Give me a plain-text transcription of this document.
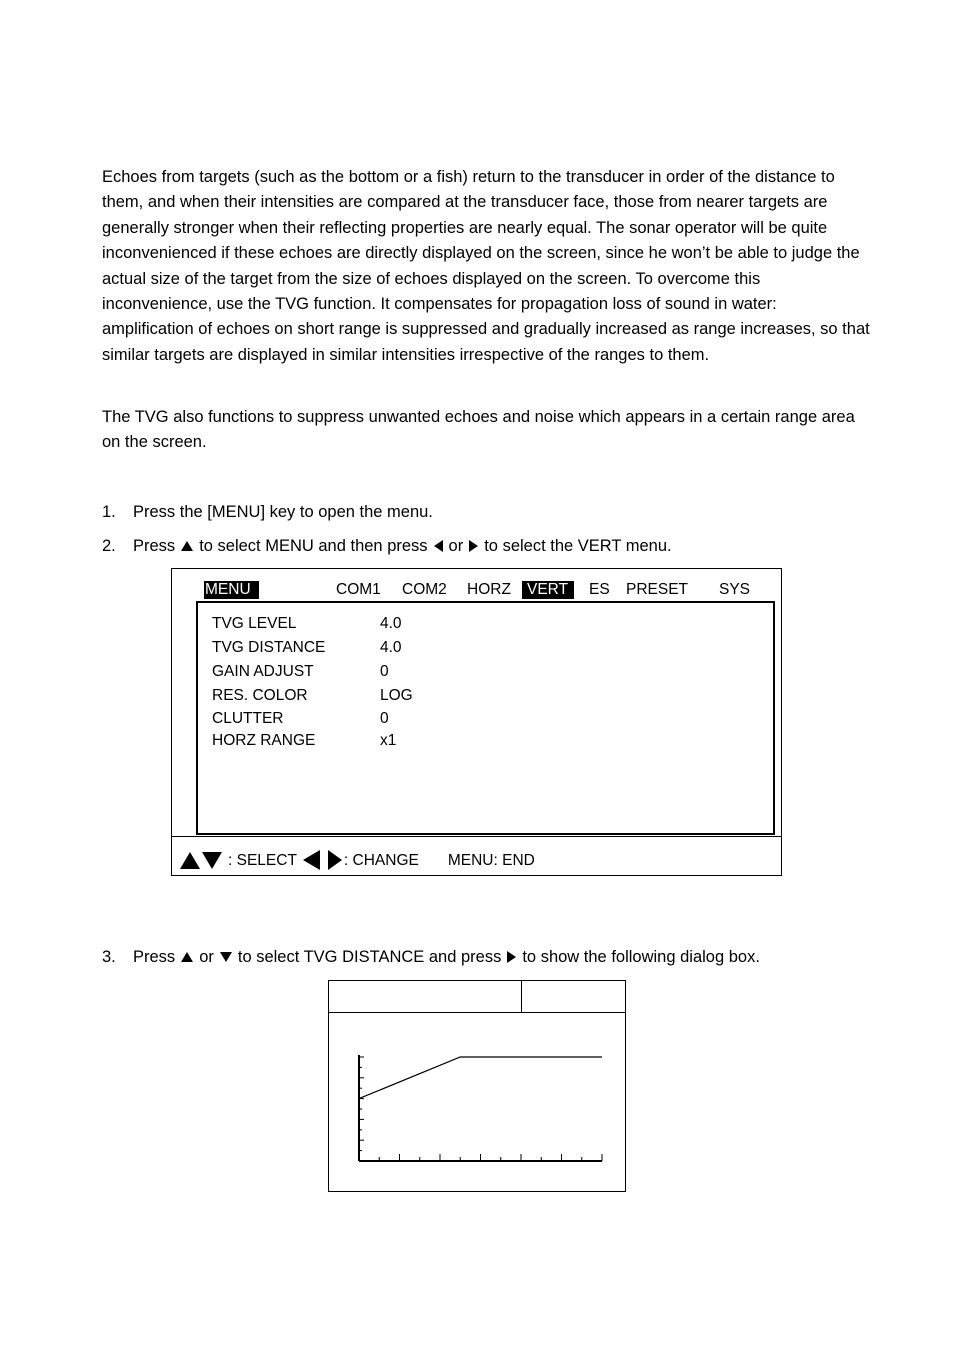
Echoes from targets (such as the bottom or a fish) return to the transducer in order of the distance to them, and when their intensities are compared at the transducer face, those from nearer targets are generally stronger when their reflecting properties are nearly equal. The sonar operator will be quite inconvenienced if these echoes are directly displayed on the screen, since he won’t be able to judge the actual size of the target from the size of echoes displayed on the screen. To overcome this inconvenience, use the TVG function. It compensates for propagation loss of sound in water: amplification of echoes on short range is suppressed and gradually increased as range increases, so that similar targets are displayed in similar intensities irrespective of the ranges to them.

The TVG also functions to suppress unwanted echoes and noise which appears in a certain range area on the screen.

1. Press the [MENU] key to open the menu.
2. Press to select MENU and then press or to select the VERT menu.
MENU	COM1 COM2 HORZ	VERT	ES PRESET SYS
TVG LEVEL	4.0
TVG DISTANCE	4.0
GAIN ADJUST	0
RES. COLOR	LOG
CLUTTER	0
HORZ RANGE	x1
: SELECT	: CHANGE MENU: END
3. Press or to select TVG DISTANCE and press to show the following dialog box.
